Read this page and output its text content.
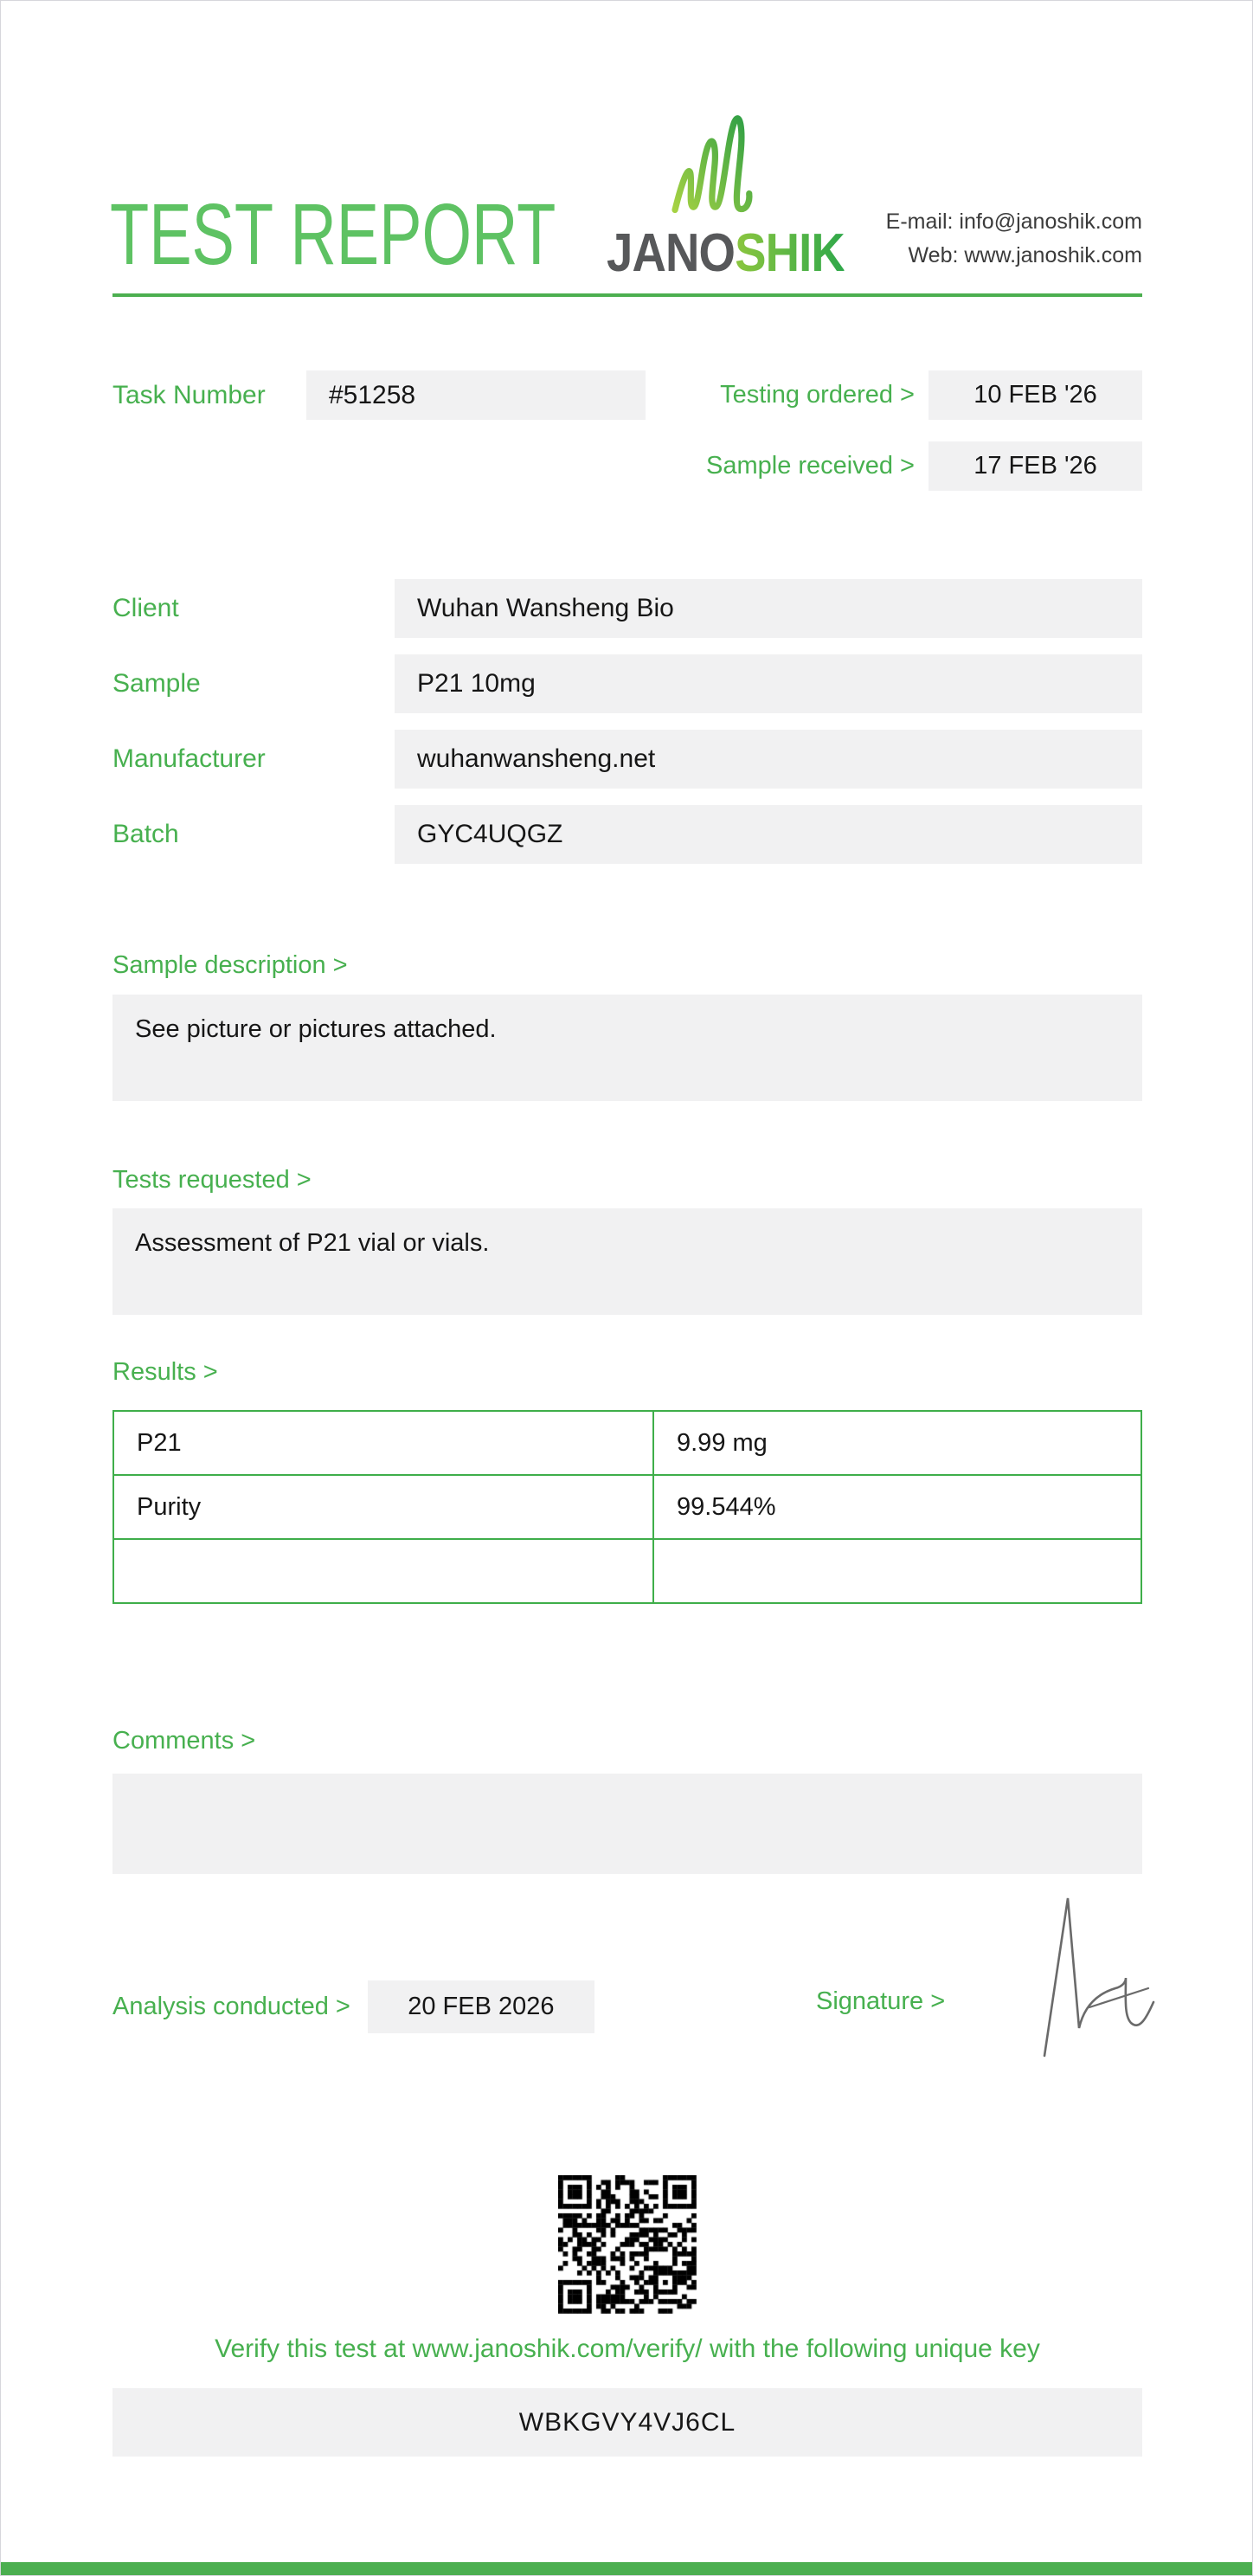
TEST REPORT JANOSHIK
E-mail: info@janoshik.com
Web: www.janoshik.com
Task Number	#51258	Testing ordered >	10 FEB '26
Sample received >	17 FEB '26
Client	Wuhan Wansheng Bio
Sample	P21 10mg
Manufacturer	wuhanwansheng.net
Batch	GYC4UQGZ
Sample description >
See picture or pictures attached.
Tests requested >
Assessment of P21 vial or vials.
Results >
P21	9.99 mg
Purity	99.544%

Comments >
Analysis conducted >	20 FEB 2026	Signature >
Verify this test at www.janoshik.com/verify/ with the following unique key
WBKGVY4VJ6CL
